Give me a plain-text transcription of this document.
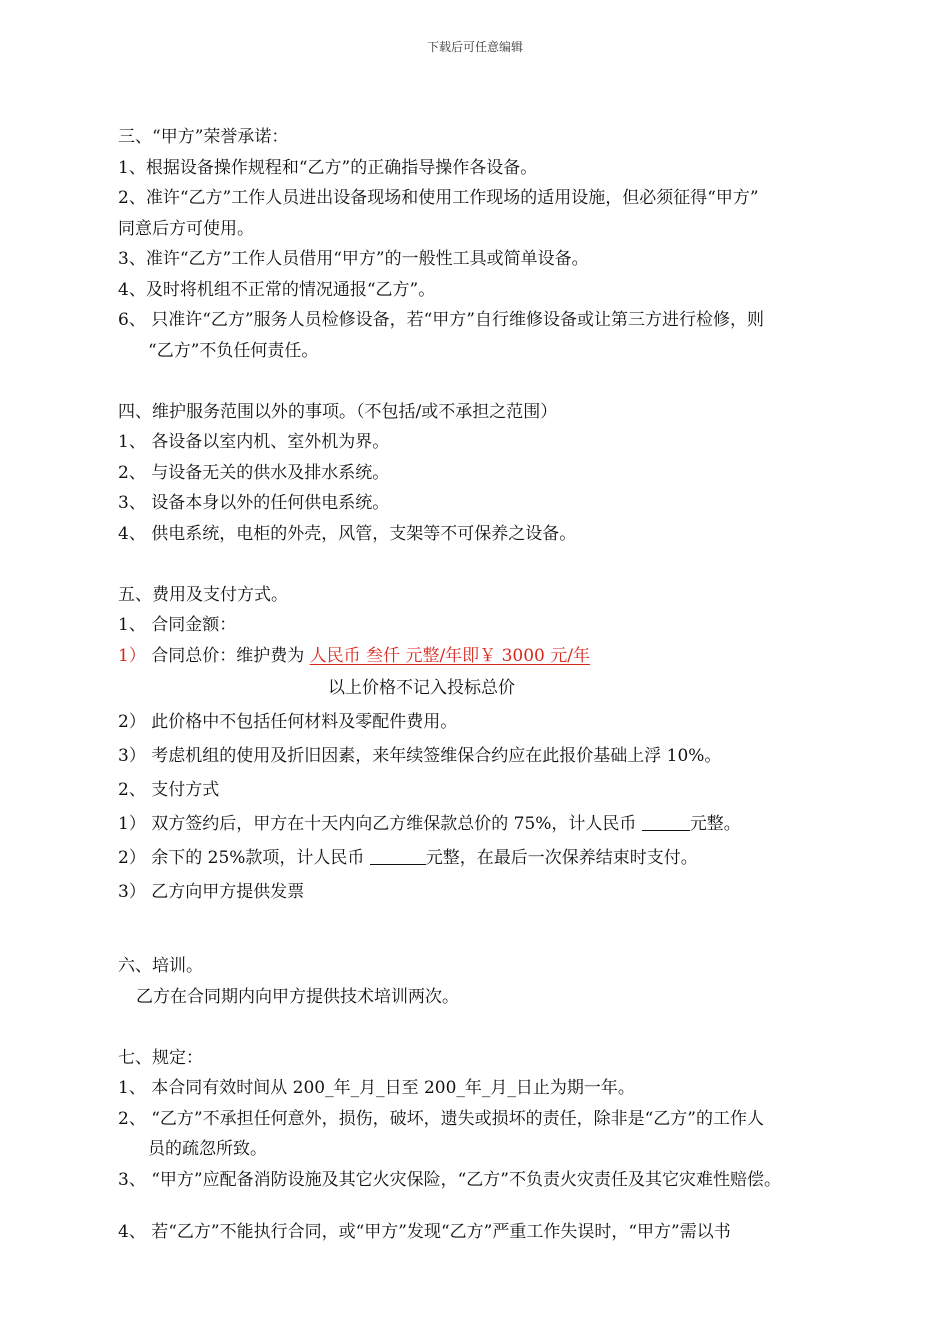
下载后可任意编辑
三、“甲方”荣誉承诺：
1、根据设备操作规程和“乙方”的正确指导操作各设备。
2、准许“乙方”工作人员进出设备现场和使用工作现场的适用设施，但必须征得“甲方”
同意后方可使用。
3、准许“乙方”工作人员借用“甲方”的一般性工具或简单设备。
4、及时将机组不正常的情况通报“乙方”。
6、 只准许“乙方”服务人员检修设备，若“甲方”自行维修设备或让第三方进行检修，则
“乙方”不负任何责任。
四、维护服务范围以外的事项。（不包括/或不承担之范围）
1、 各设备以室内机、室外机为界。
2、 与设备无关的供水及排水系统。
3、 设备本身以外的任何供电系统。
4、 供电系统，电柜的外壳，风管，支架等不可保养之设备。
五、费用及支付方式。
1、 合同金额：
1） 合同总价：维护费为 人民币 叁仟 元整/年即￥ 3000 元/年
以上价格不记入投标总价
2） 此价格中不包括任何材料及零配件费用。
3） 考虑机组的使用及折旧因素，来年续签维保合约应在此报价基础上浮 10%。
2、 支付方式
1） 双方签约后，甲方在十天内向乙方维保款总价的 75%，计人民币	元整。
2） 余下的 25%款项，计人民币	元整，在最后一次保养结束时支付。
3） 乙方向甲方提供发票
六、培训。
乙方在合同期内向甲方提供技术培训两次。
七、规定：
1、 本合同有效时间从 200_年_月_日至 200_年_月_日止为期一年。
2、 “乙方”不承担任何意外，损伤，破坏，遗失或损坏的责任，除非是“乙方”的工作人
员的疏忽所致。
3、 “甲方”应配备消防设施及其它火灾保险，“乙方”不负责火灾责任及其它灾难性赔偿。
4、 若“乙方”不能执行合同，或“甲方”发现“乙方”严重工作失误时，“甲方”需以书
